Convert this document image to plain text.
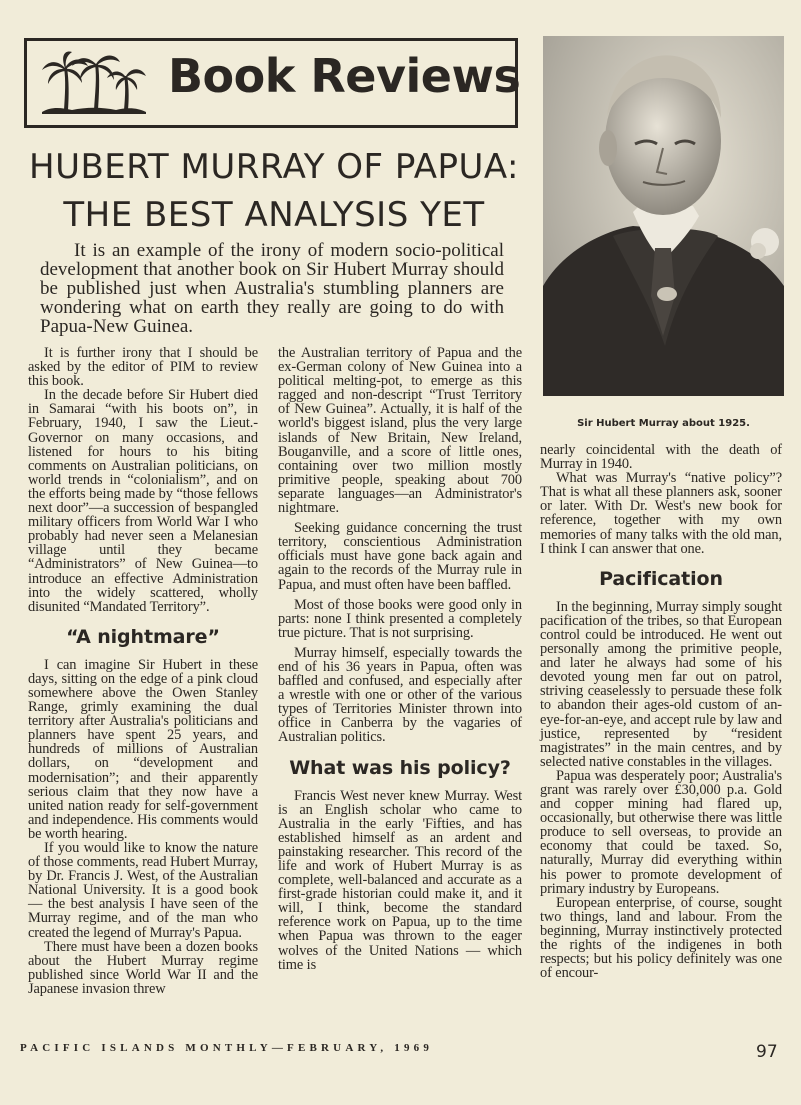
Book Reviews
HUBERT MURRAY OF PAPUA:
THE BEST ANALYSIS YET
It is an example of the irony of modern socio-political development that another book on Sir Hubert Murray should be published just when Australia's stumbling planners are wondering what on earth they really are going to do with Papua-New Guinea.

It is further irony that I should be asked by the editor of PIM to review this book.

In the decade before Sir Hubert died in Samarai “with his boots on”, in February, 1940, I saw the Lieut.-Governor on many occasions, and listened for hours to his biting comments on Australian politicians, on world trends in “colonialism”, and on the efforts being made by “those fellows next door”—a succession of bespangled military officers from World War I who probably had never seen a Melanesian village until they became “Administrators” of New Guinea—to introduce an effective Administration into the widely scattered, wholly disunited “Mandated Territory”.

“A nightmare”

I can imagine Sir Hubert in these days, sitting on the edge of a pink cloud somewhere above the Owen Stanley Range, grimly examining the dual territory after Australia's politicians and planners have spent 25 years, and hundreds of millions of Australian dollars, on “development and modernisation”; and their apparently serious claim that they now have a united nation ready for self-government and independence. His comments would be worth hearing.

If you would like to know the nature of those comments, read Hubert Murray, by Dr. Francis J. West, of the Australian National University. It is a good book — the best analysis I have seen of the Murray regime, and of the man who created the legend of Murray's Papua.

There must have been a dozen books about the Hubert Murray regime published since World War II and the Japanese invasion threw

the Australian territory of Papua and the ex-German colony of New Guinea into a political melting-pot, to emerge as this ragged and non-descript “Trust Territory of New Guinea”. Actually, it is half of the world's biggest island, plus the very large islands of New Britain, New Ireland, Bouganville, and a score of little ones, containing over two million mostly primitive people, speaking about 700 separate languages—an Administrator's nightmare.

Seeking guidance concerning the trust territory, conscientious Administration officials must have gone back again and again to the records of the Murray rule in Papua, and must often have been baffled.

Most of those books were good only in parts: none I think presented a completely true picture. That is not surprising.

Murray himself, especially towards the end of his 36 years in Papua, often was baffled and confused, and especially after a wrestle with one or other of the various types of Territories Minister thrown into office in Canberra by the vagaries of Australian politics.

What was his policy?

Francis West never knew Murray. West is an English scholar who came to Australia in the early 'Fifties, and has established himself as an ardent and painstaking researcher. This record of the life and work of Hubert Murray is as complete, well-balanced and accurate as a first-grade historian could make it, and it will, I think, become the standard reference work on Papua, up to the time when Papua was thrown to the eager wolves of the United Nations — which time is

Sir Hubert Murray about 1925.

nearly coincidental with the death of Murray in 1940.

What was Murray's “native policy”? That is what all these planners ask, sooner or later. With Dr. West's new book for reference, together with my own memories of many talks with the old man, I think I can answer that one.

Pacification

In the beginning, Murray simply sought pacification of the tribes, so that European control could be introduced. He went out personally among the primitive people, and later he always had some of his devoted young men far out on patrol, striving ceaselessly to persuade these folk to abandon their ages-old custom of an-eye-for-an-eye, and accept rule by law and justice, represented by “resident magistrates” in the main centres, and by selected native constables in the villages.

Papua was desperately poor; Australia's grant was rarely over £30,000 p.a. Gold and copper mining had flared up, occasionally, but otherwise there was little produce to sell overseas, to provide an economy that could be taxed. So, naturally, Murray did everything within his power to promote development of primary industry by Europeans.

European enterprise, of course, sought two things, land and labour. From the beginning, Murray instinctively protected the rights of the indigenes in both respects; but his policy definitely was one of encour-

PACIFIC ISLANDS MONTHLY—FEBRUARY, 1969	97
